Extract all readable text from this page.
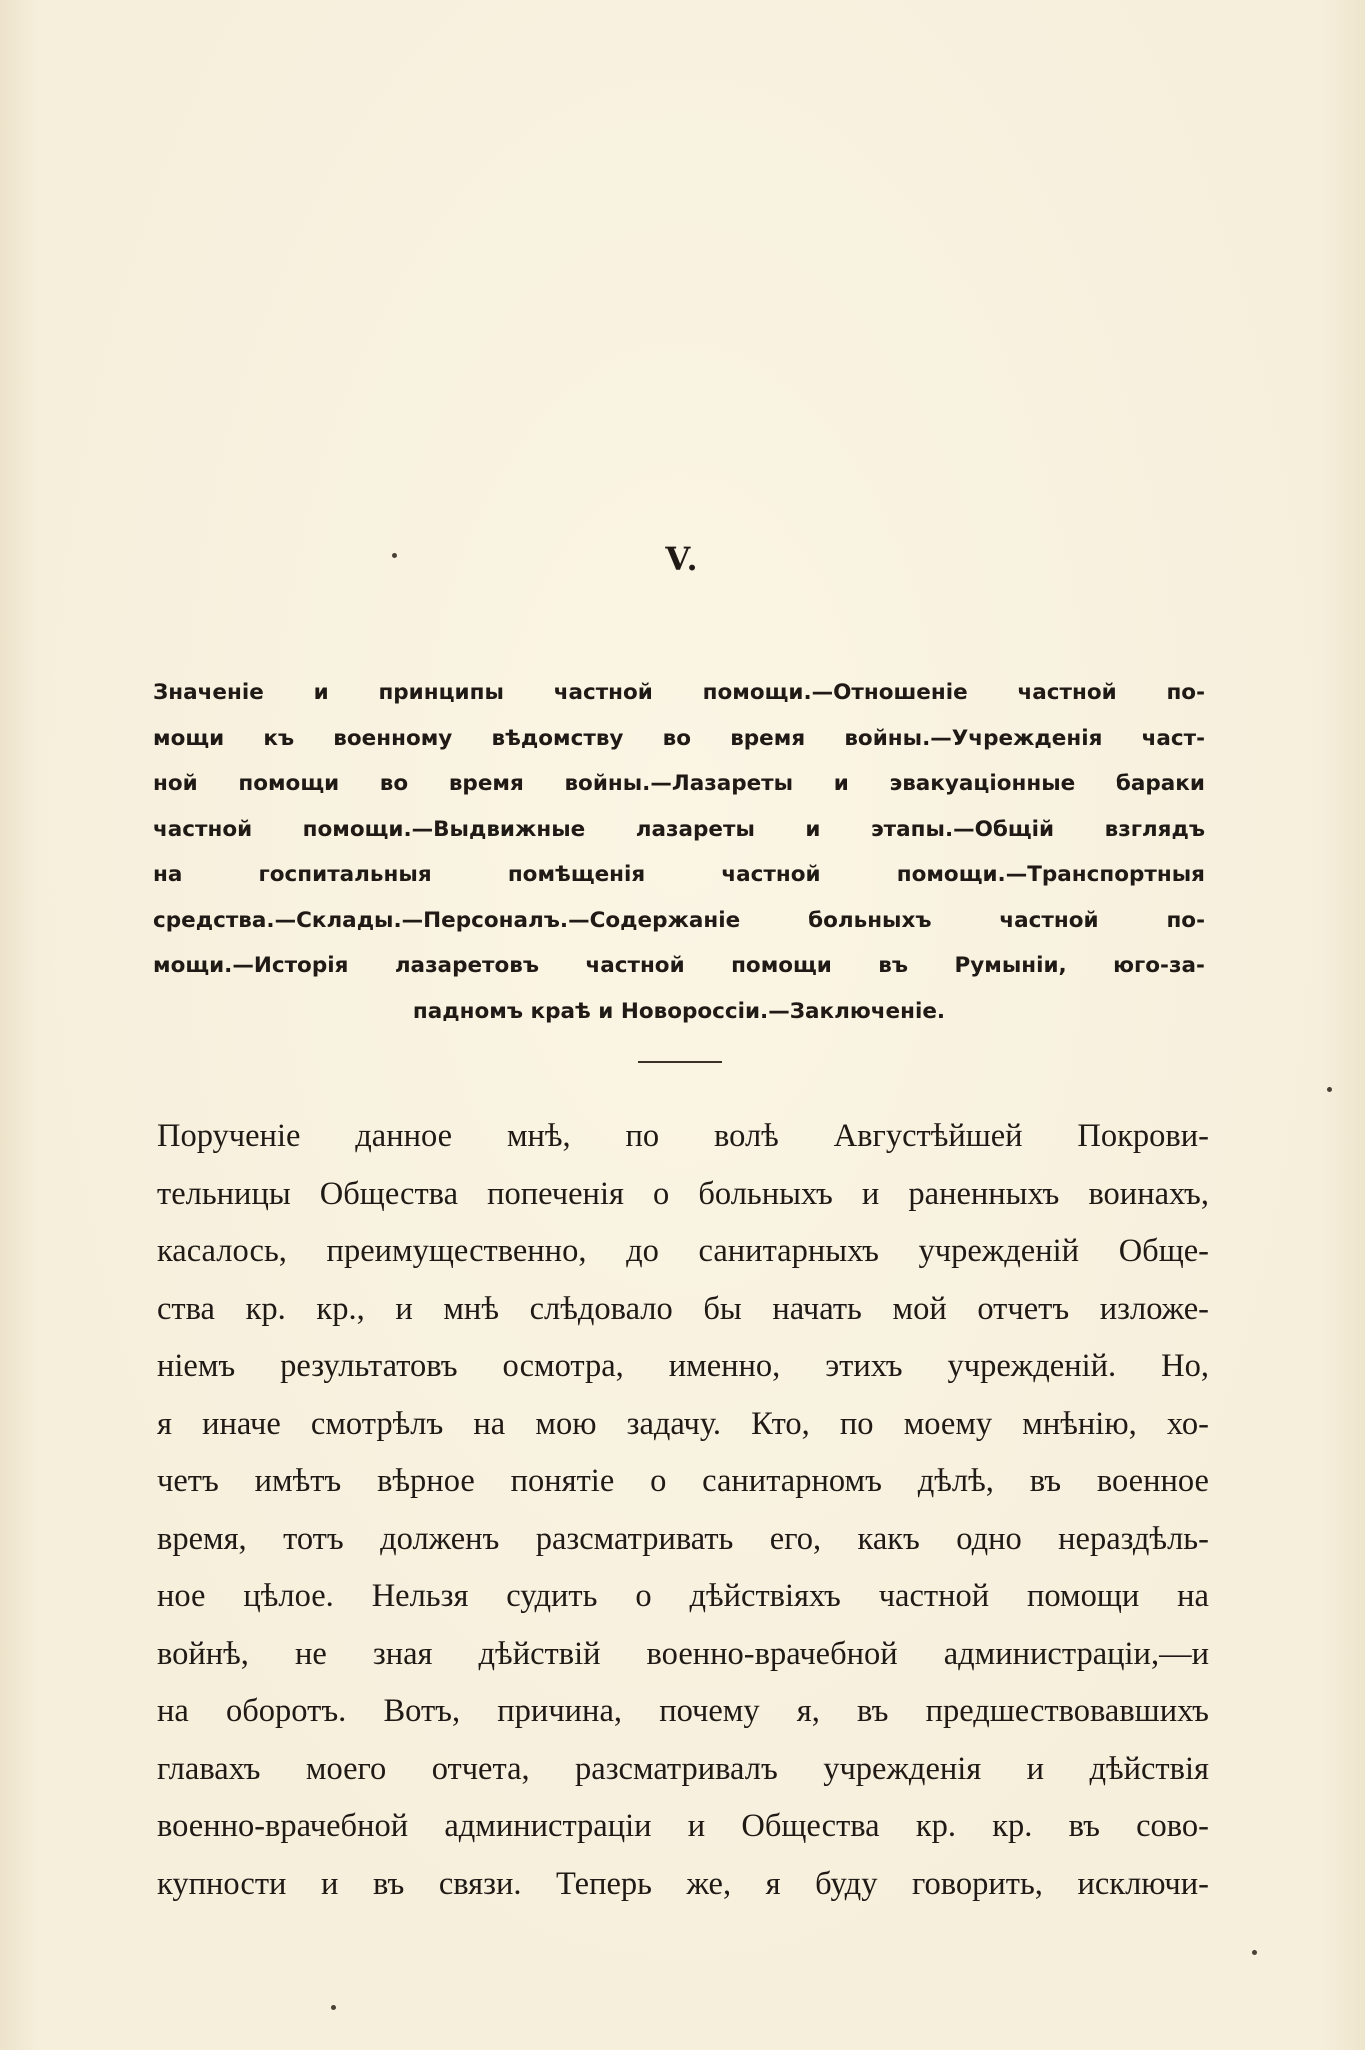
V.
Значенiе и принципы частной помощи.—Отношенiе частной по-
мощи къ военному вѣдомству во время войны.—Учрежденiя част-
ной помощи во время войны.—Лазареты и эвакуацiонные бараки
частной помощи.—Выдвижные лазареты и этапы.—Общiй взглядъ
на	госпитальныя	помѣщенiя	частной	помощи.—Транспортныя
средства.—Склады.—Персоналъ.—Содержанiе	больныхъ	частной	по-
мощи.—Исторiя лазаретовъ частной помощи въ Румынiи, юго-за-
падномъ краѣ и Новороссiи.—Заключенiе.
Порученiе данное мнѣ, по волѣ Августѣйшей Покрови-
тельницы Общества попеченiя о больныхъ и раненныхъ воинахъ,
касалось, преимущественно, до санитарныхъ учрежденiй Обще-
ства кр. кр., и мнѣ слѣдовало бы начать мой отчетъ изложе-
нiемъ результатовъ осмотра, именно, этихъ учрежденiй. Но,
я иначе смотрѣлъ на мою задачу. Кто, по моему мнѣнiю, хо-
четъ имѣтъ вѣрное понятiе о санитарномъ дѣлѣ, въ военное
время, тотъ долженъ разсматривать его, какъ одно нераздѣль-
ное цѣлое. Нельзя судить о дѣйствiяхъ частной помощи на
войнѣ, не зная дѣйствiй военно-врачебной администрацiи,—и
на оборотъ. Вотъ, причина, почему я, въ предшествовавшихъ
главахъ моего отчета, разсматривалъ учрежденiя и дѣйствiя
военно-врачебной администрацiи и Общества кр. кр. въ сово-
купности и въ связи. Теперь же, я буду говорить, исключи-
